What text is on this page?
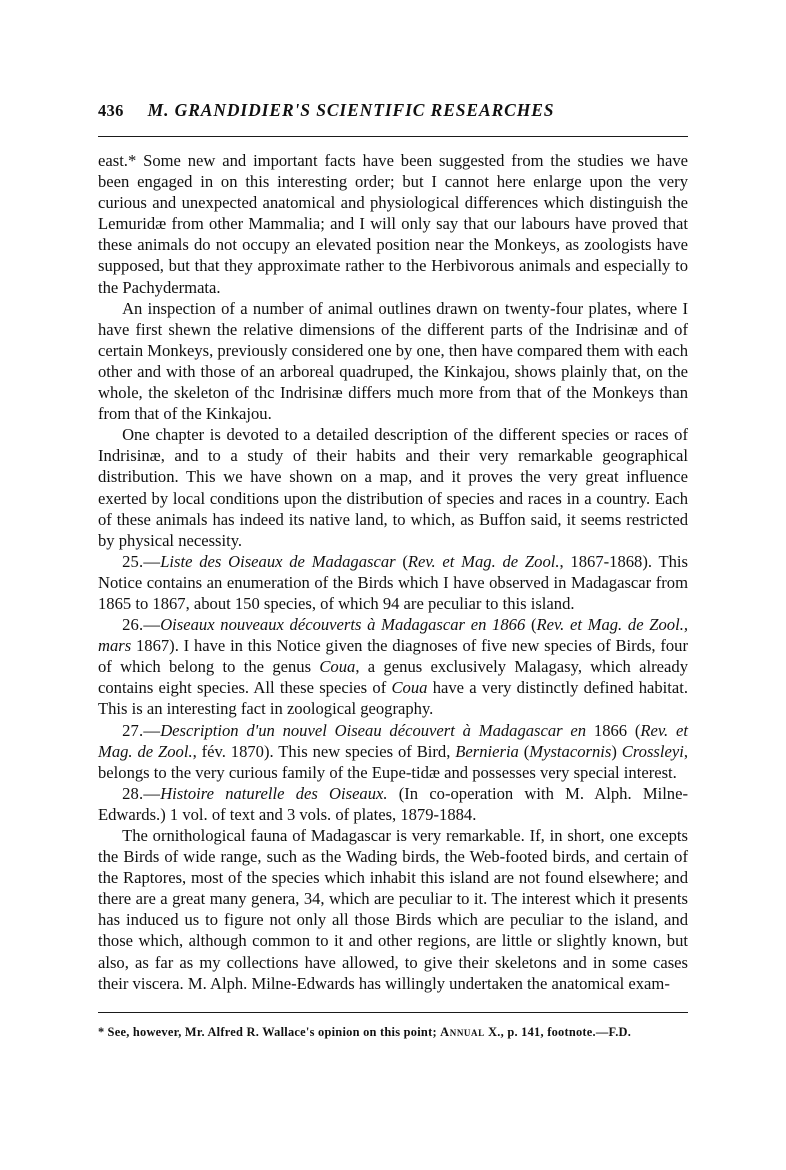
436 M. GRANDIDIER'S SCIENTIFIC RESEARCHES

east.* Some new and important facts have been suggested from the studies we have been engaged in on this interesting order; but I cannot here enlarge upon the very curious and unexpected anatomical and physiological differences which distinguish the Lemuridæ from other Mammalia; and I will only say that our labours have proved that these animals do not occupy an elevated position near the Monkeys, as zoologists have supposed, but that they approximate rather to the Herbivorous animals and especially to the Pachydermata.

An inspection of a number of animal outlines drawn on twenty-four plates, where I have first shewn the relative dimensions of the different parts of the Indrisinæ and of certain Monkeys, previously considered one by one, then have compared them with each other and with those of an arboreal quadruped, the Kinkajou, shows plainly that, on the whole, the skeleton of thc Indrisinæ differs much more from that of the Monkeys than from that of the Kinkajou.

One chapter is devoted to a detailed description of the different species or races of Indrisinæ, and to a study of their habits and their very remarkable geographical distribution. This we have shown on a map, and it proves the very great influence exerted by local conditions upon the distribution of species and races in a country. Each of these animals has indeed its native land, to which, as Buffon said, it seems restricted by physical necessity.

25.—Liste des Oiseaux de Madagascar (Rev. et Mag. de Zool., 1867-1868). This Notice contains an enumeration of the Birds which I have observed in Madagascar from 1865 to 1867, about 150 species, of which 94 are peculiar to this island.

26.—Oiseaux nouveaux découverts à Madagascar en 1866 (Rev. et Mag. de Zool., mars 1867). I have in this Notice given the diagnoses of five new species of Birds, four of which belong to the genus Coua, a genus exclusively Malagasy, which already contains eight species. All these species of Coua have a very distinctly defined habitat. This is an interesting fact in zoological geography.

27.—Description d'un nouvel Oiseau découvert à Madagascar en 1866 (Rev. et Mag. de Zool., fév. 1870). This new species of Bird, Bernieria (Mystacornis) Crossleyi, belongs to the very curious family of the Eupe‑tidæ and possesses very special interest.

28.—Histoire naturelle des Oiseaux. (In co-operation with M. Alph. Milne-Edwards.) 1 vol. of text and 3 vols. of plates, 1879-1884.

The ornithological fauna of Madagascar is very remarkable. If, in short, one excepts the Birds of wide range, such as the Wading birds, the Web-footed birds, and certain of the Raptores, most of the species which inhabit this island are not found elsewhere; and there are a great many genera, 34, which are peculiar to it. The interest which it presents has induced us to figure not only all those Birds which are peculiar to the island, and those which, although common to it and other regions, are little or slightly known, but also, as far as my collections have allowed, to give their skeletons and in some cases their viscera. M. Alph. Milne-Edwards has willingly undertaken the anatomical exam‑

* See, however, Mr. Alfred R. Wallace's opinion on this point; Annual X., p. 141, footnote.—F.D.
